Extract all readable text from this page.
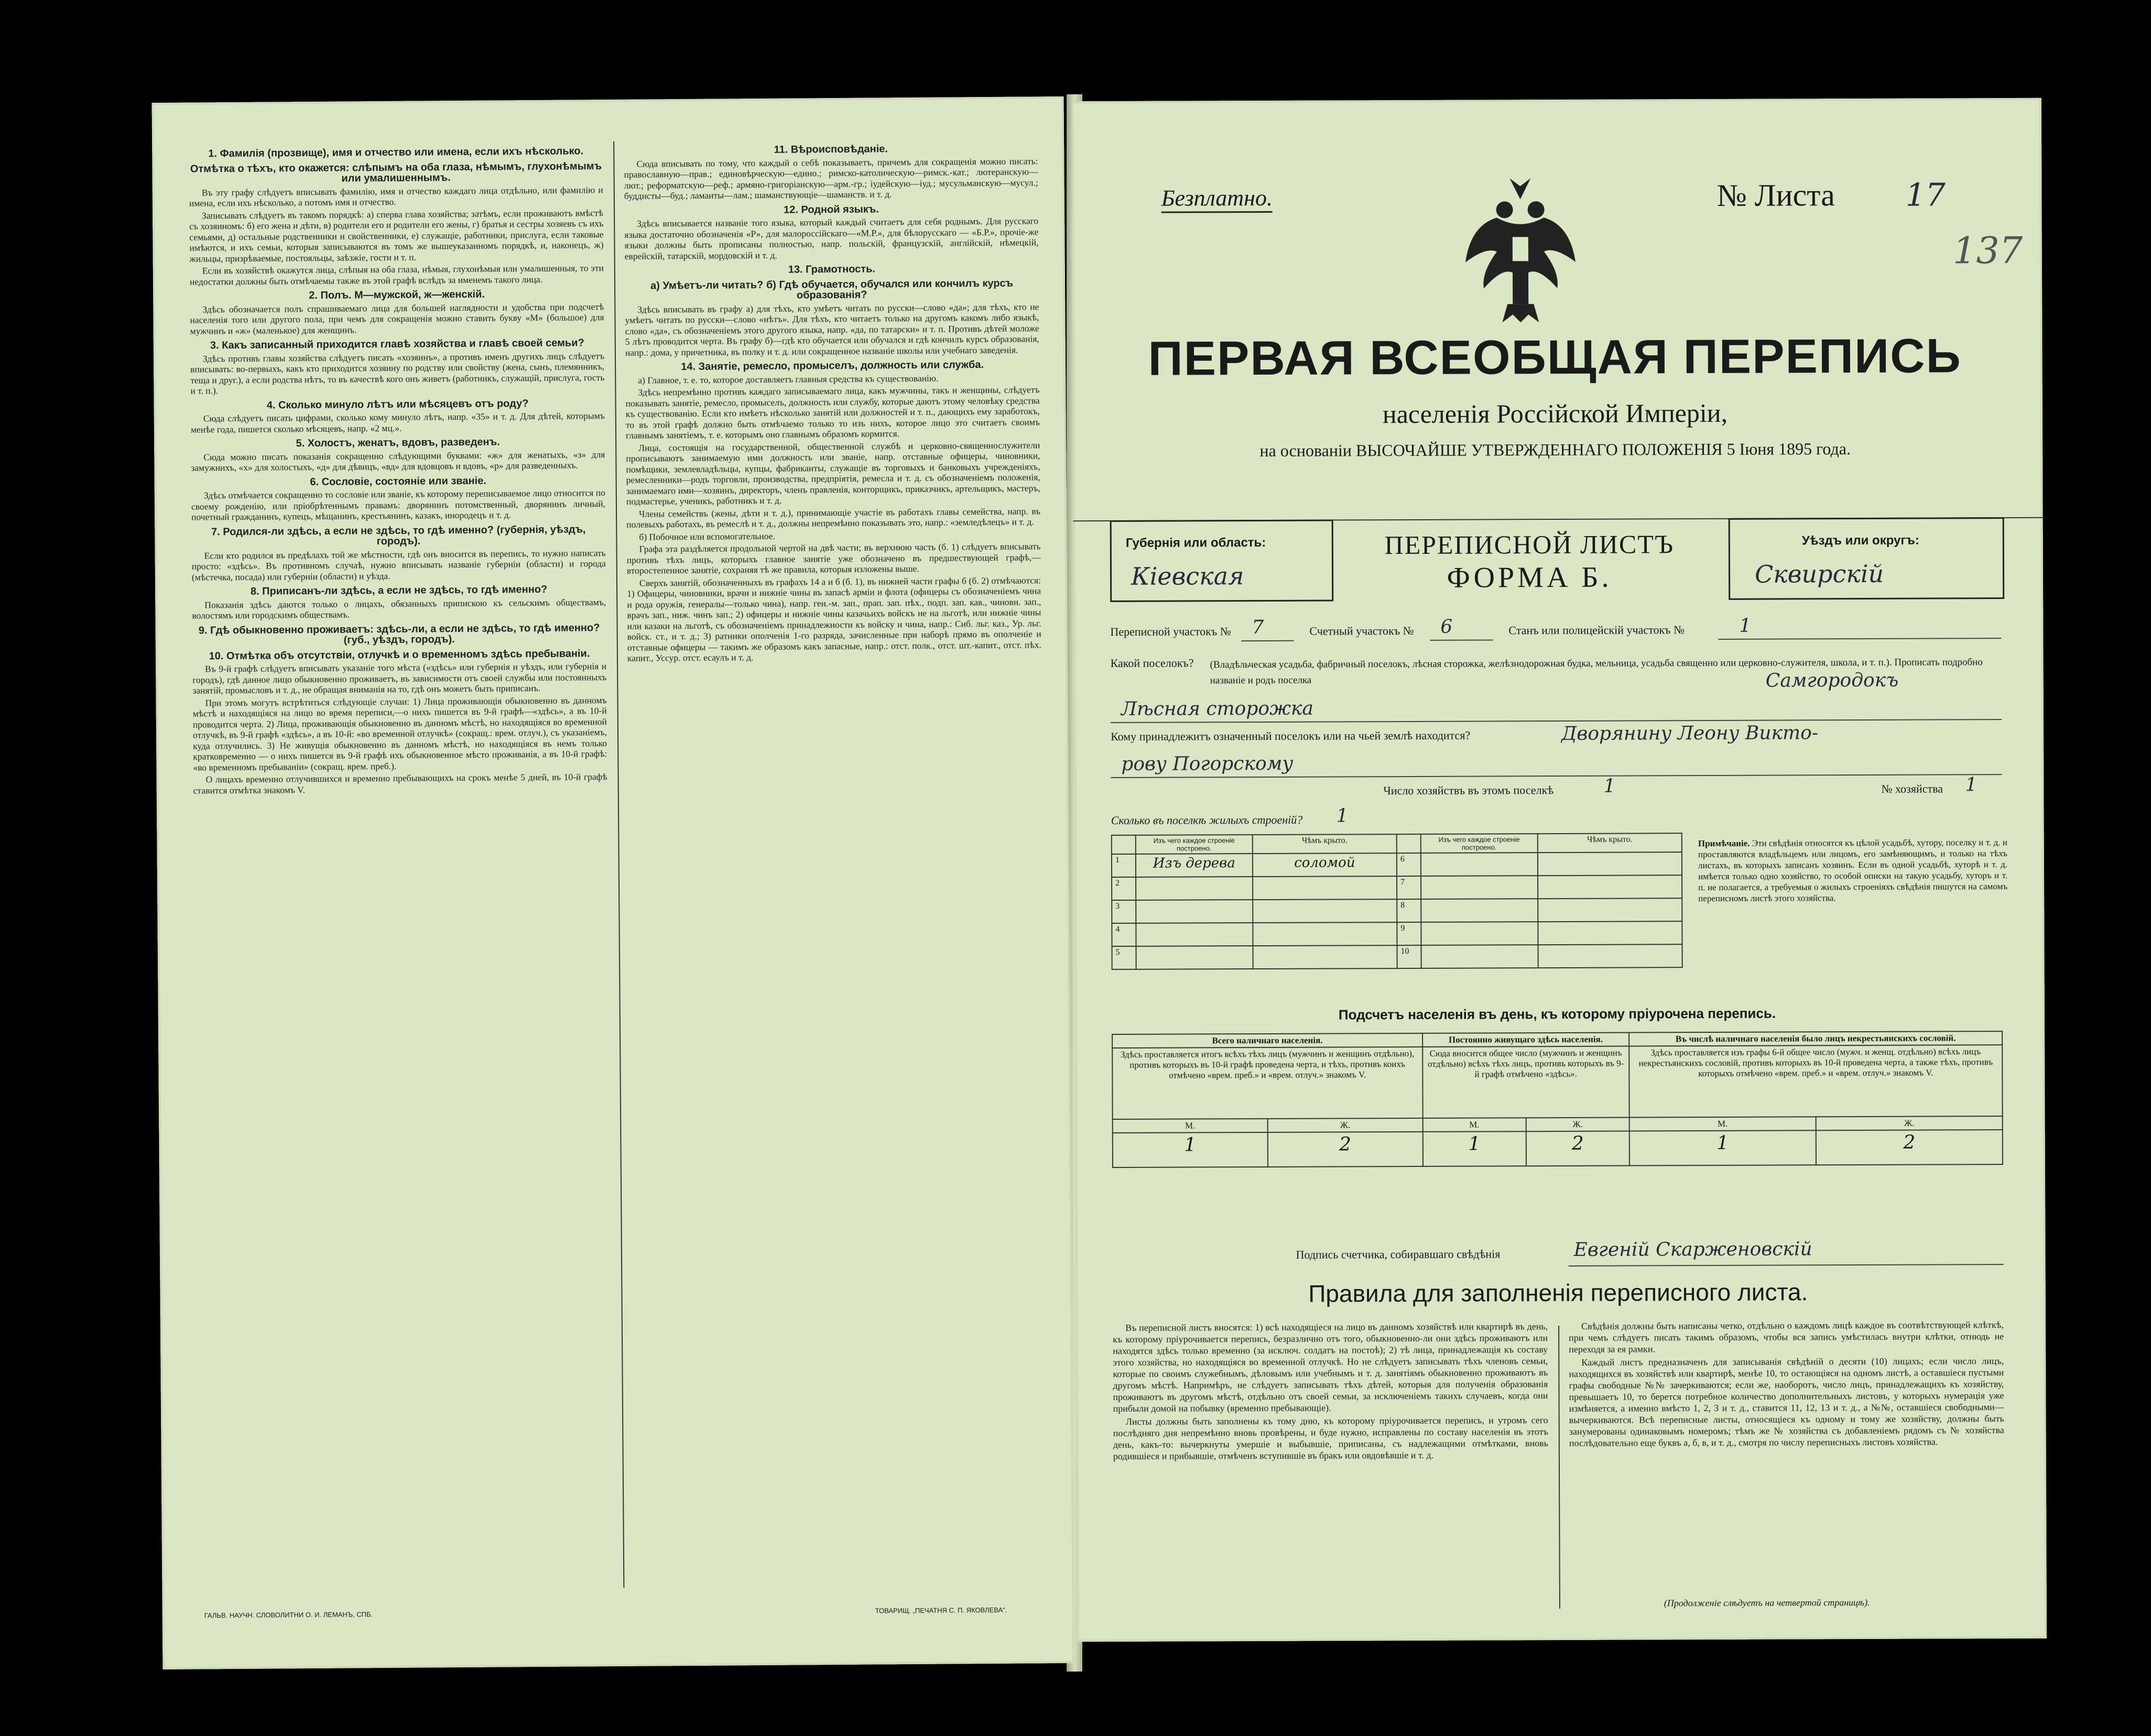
1. Фамилія (прозвище), имя и отчество или имена, если ихъ нѣсколько.
Отмѣтка о тѣхъ, кто окажется: слѣпымъ на оба глаза, нѣмымъ, глухонѣмымъ или умалишеннымъ.

Въ эту графу слѣдуетъ вписывать фамилію, имя и отчество каждаго лица отдѣльно, или фамилію и имена, если ихъ нѣсколько, а потомъ имя и отчество.

Записывать слѣдуетъ въ такомъ порядкѣ: а) сперва глава хозяйства; затѣмъ, если проживаютъ вмѣстѣ съ хозяиномъ: б) его жена и дѣти, в) родители его и родители его жены, г) братья и сестры хозяевъ съ ихъ семьями, д) остальные родственники и свойственники, е) служащіе, работники, прислуга, если таковые имѣются, и ихъ семьи, которыя записываются въ томъ же вышеуказанномъ порядкѣ, и, наконецъ, ж) жильцы, призрѣваемые, постояльцы, заѣзжіе, гости и т. п.

Если въ хозяйствѣ окажутся лица, слѣпыя на оба глаза, нѣмыя, глухонѣмыя или умалишенныя, то эти недостатки должны быть отмѣчаемы также въ этой графѣ вслѣдъ за именемъ такого лица.

2. Полъ. М—мужской, ж—женскій.

Здѣсь обозначается полъ спрашиваемаго лица для большей наглядности и удобства при подсчетѣ населенія того или другого пола, при чемъ для сокращенія можно ставить букву «М» (большое) для мужчинъ и «ж» (маленькое) для женщинъ.

3. Какъ записанный приходится главѣ хозяйства и главѣ своей семьи?

Здѣсь противъ главы хозяйства слѣдуетъ писать «хозяинъ», а противъ именъ другихъ лицъ слѣдуетъ вписывать: во-первыхъ, какъ кто приходится хозяину по родству или свойству (жена, сынъ, племянникъ, теща и друг.), а если родства нѣтъ, то въ качествѣ кого онъ живетъ (работникъ, служащій, прислуга, гость и т. п.).

4. Сколько минуло лѣтъ или мѣсяцевъ отъ роду?

Сюда слѣдуетъ писать цифрами, сколько кому минуло лѣтъ, напр. «35» и т. д. Для дѣтей, которымъ менѣе года, пишется сколько мѣсяцевъ, напр. «2 мц.».

5. Холостъ, женатъ, вдовъ, разведенъ.

Сюда можно писать показанія сокращенно слѣдующими буквами: «ж» для женатыхъ, «з» для замужнихъ, «х» для холостыхъ, «д» для дѣвицъ, «вд» для вдовцовъ и вдовъ, «р» для разведенныхъ.

6. Сословіе, состояніе или званіе.

Здѣсь отмѣчается сокращенно то сословіе или званіе, къ которому переписываемое лицо относится по своему рожденію, или пріобрѣтеннымъ правамъ: дворянинъ потомственный, дворянинъ личный, почетный гражданинъ, купецъ, мѣщанинъ, крестьянинъ, казакъ, инородецъ и т. д.

7. Родился-ли здѣсь, а если не здѣсь, то гдѣ именно? (губернія, уѣздъ, городъ).

Если кто родился въ предѣлахъ той же мѣстности, гдѣ онъ вносится въ перепись, то нужно написать просто: «здѣсь». Въ противномъ случаѣ, нужно вписывать названіе губерніи (области) и города (мѣстечка, посада) или губерніи (области) и уѣзда.

8. Приписанъ-ли здѣсь, а если не здѣсь, то гдѣ именно?

Показанія здѣсь даются только о лицахъ, обязанныхъ припискою къ сельскимъ обществамъ, волостямъ или городскимъ обществамъ.

9. Гдѣ обыкновенно проживаетъ: здѣсь-ли, а если не здѣсь, то гдѣ именно? (губ., уѣздъ, городъ).
10. Отмѣтка объ отсутствіи, отлучкѣ и о временномъ здѣсь пребываніи.

Въ 9-й графѣ слѣдуетъ вписывать указаніе того мѣста («здѣсь» или губернія и уѣздъ, или губернія и городъ), гдѣ данное лицо обыкновенно проживаетъ, въ зависимости отъ своей службы или постоянныхъ занятій, промысловъ и т. д., не обращая вниманія на то, гдѣ онъ можетъ быть приписанъ.

При этомъ могутъ встрѣтиться слѣдующіе случаи: 1) Лица проживающія обыкновенно въ данномъ мѣстѣ и находящіяся на лицо во время переписи,—о нихъ пишется въ 9-й графѣ—«здѣсь», а въ 10-й проводится черта. 2) Лица, проживающія обыкновенно въ данномъ мѣстѣ, но находящіяся во временной отлучкѣ, въ 9-й графѣ «здѣсь», а въ 10-й: «во временной отлучкѣ» (сокращ.: врем. отлуч.), съ указаніемъ, куда отлучились. 3) Не живущія обыкновенно въ данномъ мѣстѣ, но находящіяся въ немъ только кратковременно — о нихъ пишется въ 9-й графѣ ихъ обыкновенное мѣсто проживанія, а въ 10-й графѣ: «во временномъ пребываніи» (сокращ. врем. преб.).

О лицахъ временно отлучившихся и временно пребывающихъ на срокъ менѣе 5 дней, въ 10-й графѣ ставится отмѣтка знакомъ V.

11. Вѣроисповѣданіе.

Сюда вписывать по тому, что каждый о себѣ показываетъ, причемъ для сокращенія можно писать: православную—прав.; единовѣрческую—едино.; римско-католическую—римск.-кат.; лютеранскую—лют.; реформатскую—реф.; армяно-григоріанскую—арм.-гр.; іудейскую—іуд.; мусульманскую—мусул.; буддисты—буд.; ламаиты—лам.; шаманствующіе—шаманств. и т. д.

12. Родной языкъ.

Здѣсь вписывается названіе того языка, который каждый считаетъ для себя роднымъ. Для русскаго языка достаточно обозначенія «Р», для малороссійскаго—«М.Р.», для бѣлорусскаго — «Б.Р.», прочіе-же языки должны быть прописаны полностью, напр. польскій, французскій, англійскій, нѣмецкій, еврейскій, татарскій, мордовскій и т. д.

13. Грамотность.
а) Умѣетъ-ли читать? б) Гдѣ обучается, обучался или кончилъ курсъ образованія?

Здѣсь вписывать въ графу а) для тѣхъ, кто умѣетъ читать по русски—слово «да»; для тѣхъ, кто не умѣетъ читать по русски—слово «нѣтъ». Для тѣхъ, кто читаетъ только на другомъ какомъ либо языкѣ, слово «да», съ обозначеніемъ этого другого языка, напр. «да, по татарски» и т. п. Противъ дѣтей моложе 5 лѣтъ проводится черта. Въ графу б)—гдѣ кто обучается или обучался и гдѣ кончилъ курсъ образованія, напр.: дома, у причетника, въ полку и т. д. или сокращенное названіе школы или учебнаго заведенія.

14. Занятіе, ремесло, промыселъ, должность или служба.

а) Главное, т. е. то, которое доставляетъ главныя средства къ существованію.

Здѣсь непремѣнно противъ каждаго записываемаго лица, какъ мужчины, такъ и женщины, слѣдуетъ показывать занятіе, ремесло, промыселъ, должность или службу, которые даютъ этому человѣку средства къ существованію. Если кто имѣетъ нѣсколько занятій или должностей и т. п., дающихъ ему заработокъ, то въ этой графѣ должно быть отмѣчаемо только то изъ нихъ, которое лицо это считаетъ своимъ главнымъ занятіемъ, т. е. которымъ оно главнымъ образомъ кормится.

Лица, состоящія на государственной, общественной службѣ и церковно-священнослужители прописываютъ занимаемую ими должность или званіе, напр. отставные офицеры, чиновники, помѣщики, землевладѣльцы, купцы, фабриканты, служащіе въ торговыхъ и банковыхъ учрежденіяхъ, ремесленники—родъ торговли, производства, предпріятія, ремесла и т. д. съ обозначеніемъ положенія, занимаемаго ими—хозяинъ, директоръ, членъ правленія, конторщикъ, приказчикъ, артельщикъ, мастеръ, подмастерье, ученикъ, работникъ и т. д.

Члены семействъ (жены, дѣти и т. д.), принимающіе участіе въ работахъ главы семейства, напр. въ полевыхъ работахъ, въ ремеслѣ и т. д., должны непремѣнно показывать это, напр.: «земледѣлецъ» и т. д.

б) Побочное или вспомогательное.

Графа эта раздѣляется продольной чертой на двѣ части; въ верхнюю часть (б. 1) слѣдуетъ вписывать противъ тѣхъ лицъ, которыхъ главное занятіе уже обозначено въ предшествующей графѣ,—второстепенное занятіе, сохраняя тѣ же правила, которыя изложены выше.

Сверхъ занятій, обозначенныхъ въ графахъ 14 а и б (б. 1), въ нижней части графы б (б. 2) отмѣчаются: 1) Офицеры, чиновники, врачи и нижніе чины въ запасѣ арміи и флота (офицеры съ обозначеніемъ чина и рода оружія, генералы—только чина), напр. ген.-м. зап., прап. зап. пѣх., подп. зап. кав., чиновн. зап., врачъ зап., ниж. чинъ зап.; 2) офицеры и нижніе чины казачьихъ войскъ не на льготѣ, или нижніе чины или казаки на льготѣ, съ обозначеніемъ принадлежности къ войску и чина, напр.: Сиб. льг. каз., Ур. льг. войск. ст., и т. д.; 3) ратники ополченія 1-го разряда, зачисленные при наборѣ прямо въ ополченіе и отставные офицеры — такимъ же образомъ какъ запасные, напр.: отст. полк., отст. шт.-капит., отст. пѣх. капит., Уссур. отст. есаулъ и т. д.

ГАЛЬВ. НАУЧН. СЛОВОЛИТНИ О. И. ЛЕМАНЪ, СПБ.
ТОВАРИЩ. „ПЕЧАТНЯ С. П. ЯКОВЛЕВА“.
Безплатно.	№ Листа 17
137
ПЕРВАЯ ВСЕОБЩАЯ ПЕРЕПИСЬ
населенія Россійской Имперіи,
на основаніи ВЫСОЧАЙШЕ УТВЕРЖДЕННАГО ПОЛОЖЕНІЯ 5 Іюня 1895 года.
Губернія или область:
Кіевская
ПЕРЕПИСНОЙ ЛИСТЪ
ФОРМА Б.
Уѣздъ или округъ:
Сквирскій
Переписной участокъ № 7	Счетный участокъ № 6	Станъ или полицейскій участокъ №	1
Какой поселокъ? (Владѣльческая усадьба, фабричный поселокъ, лѣсная сторожка, желѣзнодорожная будка, мельница, усадьба священно или церковно-служителя, школа, и т. п.). Прописать подробно названіе и родъ поселка	Самгородокъ
Лѣсная сторожка
Кому принадлежитъ означенный поселокъ или на чьей землѣ находится?	Дворянину Леону Викто-
рову Погорскому
Число хозяйствъ въ этомъ поселкѣ	1	№ хозяйства 1
Сколько въ поселкѣ жилыхъ строеній? 1
	Изъ чего каждое строеніе построено.	Чѣмъ крыто.		Изъ чего каждое строеніе построено.	Чѣмъ крыто.
1	Изъ дерева	соломой	6		
2			7		
3			8		
4			9		
5			10		
Примѣчаніе. Эти свѣдѣнія относятся къ цѣлой усадьбѣ, хутору, поселку и т. д. и проставляются владѣльцемъ или лицомъ, его замѣняющимъ, и только на тѣхъ листахъ, въ которыхъ записанъ хозяинъ. Если въ одной усадьбѣ, хуторѣ и т. д. имѣется только одно хозяйство, то особой описки на такую усадьбу, хуторъ и т. п. не полагается, а требуемыя о жилыхъ строеніяхъ свѣдѣнія пишутся на самомъ переписномъ листѣ этого хозяйства.
Подсчетъ населенія въ день, къ которому пріурочена перепись.
Всего наличнаго населенія.		Постоянно живущаго здѣсь населенія.		Въ числѣ наличнаго населенія было лицъ некрестьянскихъ сословій.	
Здѣсь проставляется итогъ всѣхъ тѣхъ лицъ (мужчинъ и женщинъ отдѣльно), противъ которыхъ въ 10-й графѣ проведена черта, и тѣхъ, противъ коихъ отмѣчено «врем. преб.» и «врем. отлуч.» знакомъ V.		Сюда вносится общее число (мужчинъ и женщинъ отдѣльно) всѣхъ тѣхъ лицъ, противъ которыхъ въ 9-й графѣ отмѣчено «здѣсь».		Здѣсь проставляется изъ графы 6-й общее число (мужч. и женщ. отдѣльно) всѣхъ лицъ некрестьянскихъ сословій, противъ которыхъ въ 10-й проведена черта, а также тѣхъ, противъ которыхъ отмѣчено «врем. преб.» и «врем. отлуч.» знакомъ V.	
М.	Ж.	М.	Ж.	М.	Ж.
1	2	1	2	1	2
Подпись счетчика, собиравшаго свѣдѣнія	Евгеній Скарженовскій
Правила для заполненія переписного листа.

Въ переписной листъ вносятся: 1) всѣ находящіеся на лицо въ данномъ хозяйствѣ или квартирѣ въ день, къ которому пріурочивается перепись, безразлично отъ того, обыкновенно-ли они здѣсь проживаютъ или находятся здѣсь только временно (за исключ. солдатъ на постоѣ); 2) тѣ лица, принадлежащія къ составу этого хозяйства, но находящіяся во временной отлучкѣ. Но не слѣдуетъ записывать тѣхъ членовъ семьи, которые по своимъ служебнымъ, дѣловымъ или учебнымъ и т. д. занятіямъ обыкновенно проживаютъ въ другомъ мѣстѣ. Напримѣръ, не слѣдуетъ записывать тѣхъ дѣтей, которыя для полученія образованія проживаютъ въ другомъ мѣстѣ, отдѣльно отъ своей семьи, за исключеніемъ такихъ случаевъ, когда они прибыли домой на побывку (временно пребывающіе).

Листы должны быть заполнены къ тому дню, къ которому пріурочивается перепись, и утромъ сего послѣдняго дня непремѣнно вновь провѣрены, и буде нужно, исправлены по составу населенія въ этотъ день, какъ-то: вычеркнуты умершіе и выбывшіе, приписаны, съ надлежащими отмѣтками, вновь родившіеся и прибывшіе, отмѣченъ вступившіе въ бракъ или овдовѣвшіе и т. д.

Свѣдѣнія должны быть написаны четко, отдѣльно о каждомъ лицѣ каждое въ соотвѣтствующей клѣткѣ, при чемъ слѣдуетъ писать такимъ образомъ, чтобы вся запись умѣстилась внутри клѣтки, отнюдь не переходя за ея рамки.

Каждый листъ предназначенъ для записыванія свѣдѣній о десяти (10) лицахъ; если число лицъ, находящихся въ хозяйствѣ или квартирѣ, менѣе 10, то остающіяся на одномъ листѣ, а оставшіеся пустыми графы свободные №№ зачеркиваются; если же, наоборотъ, число лицъ, принадлежащихъ къ хозяйству, превышаетъ 10, то берется потребное количество дополнительныхъ листовъ, у которыхъ нумерація уже измѣняется, а именно вмѣсто 1, 2, 3 и т. д., ставится 11, 12, 13 и т. д., а №№, оставшіеся свободными—вычеркиваются. Всѣ переписные листы, относящіеся къ одному и тому же хозяйству, должны быть занумерованы одинаковымъ номеромъ; тѣмъ же № хозяйства съ добавленіемъ рядомъ съ № хозяйства послѣдовательно еще буквъ а, б, в, и т. д., смотря по числу переписныхъ листовъ хозяйства.

(Продолженіе слѣдуетъ на четвертой страницѣ).
